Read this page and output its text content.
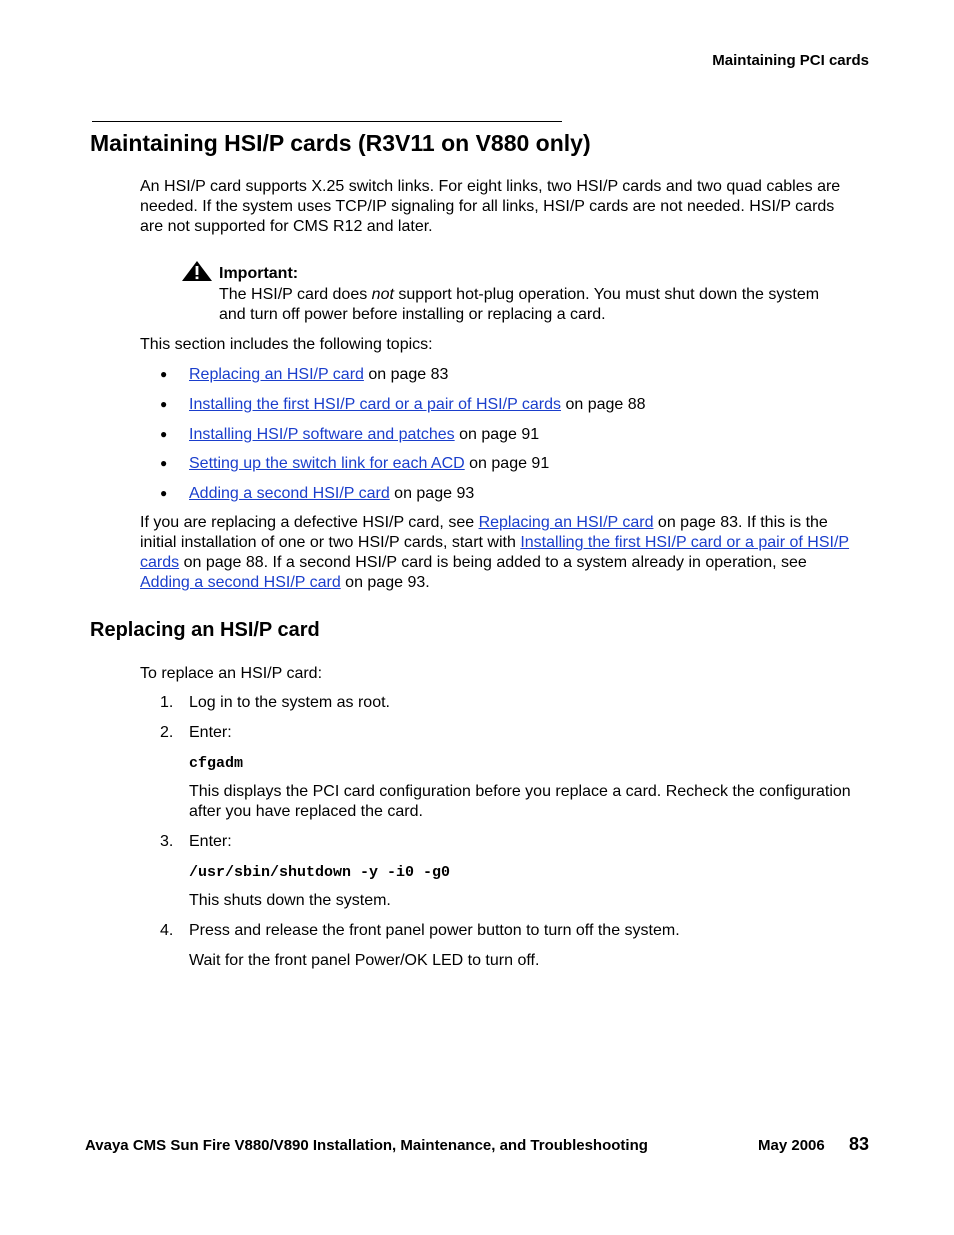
Maintaining PCI cards
Maintaining HSI/P cards (R3V11 on V880 only)

An HSI/P card supports X.25 switch links. For eight links, two HSI/P cards and two quad cables are needed. If the system uses TCP/IP signaling for all links, HSI/P cards are not needed. HSI/P cards are not supported for CMS R12 and later.

Important:

The HSI/P card does not support hot-plug operation. You must shut down the system and turn off power before installing or replacing a card.

This section includes the following topics:

● Replacing an HSI/P card on page 83
● Installing the first HSI/P card or a pair of HSI/P cards on page 88
● Installing HSI/P software and patches on page 91
● Setting up the switch link for each ACD on page 91
● Adding a second HSI/P card on page 93

If you are replacing a defective HSI/P card, see Replacing an HSI/P card on page 83. If this is the initial installation of one or two HSI/P cards, start with Installing the first HSI/P card or a pair of HSI/P cards on page 88. If a second HSI/P card is being added to a system already in operation, see Adding a second HSI/P card on page 93.

Replacing an HSI/P card

To replace an HSI/P card:

1. Log in to the system as root.
2. Enter:
cfgadm

This displays the PCI card configuration before you replace a card. Recheck the configuration after you have replaced the card.

3. Enter:
/usr/sbin/shutdown -y -i0 -g0

This shuts down the system.

4. Press and release the front panel power button to turn off the system.

Wait for the front panel Power/OK LED to turn off.

Avaya CMS Sun Fire V880/V890 Installation, Maintenance, and Troubleshooting	May 2006 83
